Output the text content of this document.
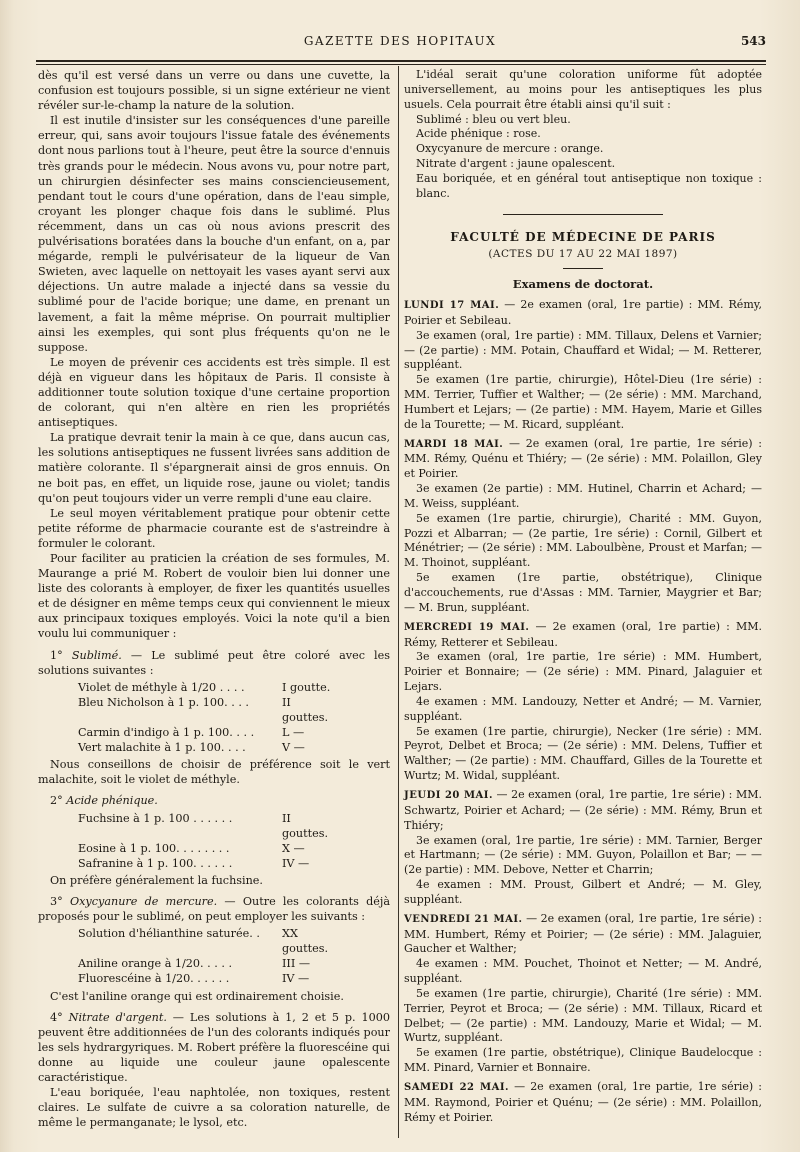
GAZETTE DES HOPITAUX	543

dès qu'il est versé dans un verre ou dans une cuvette, la confusion est toujours possible, si un signe extérieur ne vient révéler sur-le-champ la nature de la solution.

Il est inutile d'insister sur les conséquences d'une pareille erreur, qui, sans avoir toujours l'issue fatale des événements dont nous parlions tout à l'heure, peut être la source d'ennuis très grands pour le médecin. Nous avons vu, pour notre part, un chirurgien désinfecter ses mains consciencieusement, pendant tout le cours d'une opération, dans de l'eau simple, croyant les plonger chaque fois dans le sublimé. Plus récemment, dans un cas où nous avions prescrit des pulvérisations boratées dans la bouche d'un enfant, on a, par mégarde, rempli le pulvérisateur de la liqueur de Van Swieten, avec laquelle on nettoyait les vases ayant servi aux déjections. Un autre malade a injecté dans sa vessie du sublimé pour de l'acide borique; une dame, en prenant un lavement, a fait la même méprise. On pourrait multiplier ainsi les exemples, qui sont plus fréquents qu'on ne le suppose.

Le moyen de prévenir ces accidents est très simple. Il est déjà en vigueur dans les hôpitaux de Paris. Il consiste à additionner toute solution toxique d'une certaine proportion de colorant, qui n'en altère en rien les propriétés antiseptiques.

La pratique devrait tenir la main à ce que, dans aucun cas, les solutions antiseptiques ne fussent livrées sans addition de matière colorante. Il s'épargnerait ainsi de gros ennuis. On ne boit pas, en effet, un liquide rose, jaune ou violet; tandis qu'on peut toujours vider un verre rempli d'une eau claire.

Le seul moyen véritablement pratique pour obtenir cette petite réforme de pharmacie courante est de s'astreindre à formuler le colorant.

Pour faciliter au praticien la création de ses formules, M. Maurange a prié M. Robert de vouloir bien lui donner une liste des colorants à employer, de fixer les quantités usuelles et de désigner en même temps ceux qui conviennent le mieux aux principaux toxiques employés. Voici la note qu'il a bien voulu lui communiquer :

1° Sublimé. — Le sublimé peut être coloré avec les solutions suivantes :

Violet de méthyle à 1/20 . . . .	I goutte.
Bleu Nicholson à 1 p. 100. . . .	II gouttes.
Carmin d'indigo à 1 p. 100. . . . L —
Vert malachite à 1 p. 100. . . .	V —

Nous conseillons de choisir de préférence soit le vert malachite, soit le violet de méthyle.

2° Acide phénique.

Fuchsine à 1 p. 100 . . . . . .	II gouttes.
Eosine à 1 p. 100. . . . . . . .	X —
Safranine à 1 p. 100. . . . . .	IV —

On préfère généralement la fuchsine.

3° Oxycyanure de mercure. — Outre les colorants déjà proposés pour le sublimé, on peut employer les suivants :

Solution d'hélianthine saturée. . XX gouttes.
Aniline orange à 1/20. . . . .	III —
Fluorescéine à 1/20. . . . . .	IV —

C'est l'aniline orange qui est ordinairement choisie.

4° Nitrate d'argent. — Les solutions à 1, 2 et 5 p. 1000 peuvent être additionnées de l'un des colorants indiqués pour les sels hydrargyriques. M. Robert préfère la fluorescéine qui donne au liquide une couleur jaune opalescente caractéristique.

L'eau boriquée, l'eau naphtolée, non toxiques, restent claires. Le sulfate de cuivre a sa coloration naturelle, de même le permanganate; le lysol, etc.

L'idéal serait qu'une coloration uniforme fût adoptée universellement, au moins pour les antiseptiques les plus usuels. Cela pourrait être établi ainsi qu'il suit :

Sublimé : bleu ou vert bleu.
Acide phénique : rose.
Oxycyanure de mercure : orange.
Nitrate d'argent : jaune opalescent.
Eau boriquée, et en général tout antiseptique non toxique : blanc.
FACULTÉ DE MÉDECINE DE PARIS
(ACTES DU 17 AU 22 MAI 1897)
Examens de doctorat.

LUNDI 17 MAI. — 2e examen (oral, 1re partie) : MM. Rémy, Poirier et Sebileau.

3e examen (oral, 1re partie) : MM. Tillaux, Delens et Varnier; — (2e partie) : MM. Potain, Chauffard et Widal; — M. Retterer, suppléant.

5e examen (1re partie, chirurgie), Hôtel-Dieu (1re série) : MM. Terrier, Tuffier et Walther; — (2e série) : MM. Marchand, Humbert et Lejars; — (2e partie) : MM. Hayem, Marie et Gilles de la Tourette; — M. Ricard, suppléant.

MARDI 18 MAI. — 2e examen (oral, 1re partie, 1re série) : MM. Rémy, Quénu et Thiéry; — (2e série) : MM. Polaillon, Gley et Poirier.

3e examen (2e partie) : MM. Hutinel, Charrin et Achard; — M. Weiss, suppléant.

5e examen (1re partie, chirurgie), Charité : MM. Guyon, Pozzi et Albarran; — (2e partie, 1re série) : Cornil, Gilbert et Ménétrier; — (2e série) : MM. Laboulbène, Proust et Marfan; — M. Thoinot, suppléant.

5e examen (1re partie, obstétrique), Clinique d'accouchements, rue d'Assas : MM. Tarnier, Maygrier et Bar; — M. Brun, suppléant.

MERCREDI 19 MAI. — 2e examen (oral, 1re partie) : MM. Rémy, Retterer et Sebileau.

3e examen (oral, 1re partie, 1re série) : MM. Humbert, Poirier et Bonnaire; — (2e série) : MM. Pinard, Jalaguier et Lejars.

4e examen : MM. Landouzy, Netter et André; — M. Varnier, suppléant.

5e examen (1re partie, chirurgie), Necker (1re série) : MM. Peyrot, Delbet et Broca; — (2e série) : MM. Delens, Tuffier et Walther; — (2e partie) : MM. Chauffard, Gilles de la Tourette et Wurtz; M. Widal, suppléant.

JEUDI 20 MAI. — 2e examen (oral, 1re partie, 1re série) : MM. Schwartz, Poirier et Achard; — (2e série) : MM. Rémy, Brun et Thiéry;

3e examen (oral, 1re partie, 1re série) : MM. Tarnier, Berger et Hartmann; — (2e série) : MM. Guyon, Polaillon et Bar; — — (2e partie) : MM. Debove, Netter et Charrin;

4e examen : MM. Proust, Gilbert et André; — M. Gley, suppléant.

VENDREDI 21 MAI. — 2e examen (oral, 1re partie, 1re série) : MM. Humbert, Rémy et Poirier; — (2e série) : MM. Jalaguier, Gaucher et Walther;

4e examen : MM. Pouchet, Thoinot et Netter; — M. André, suppléant.

5e examen (1re partie, chirurgie), Charité (1re série) : MM. Terrier, Peyrot et Broca; — (2e série) : MM. Tillaux, Ricard et Delbet; — (2e partie) : MM. Landouzy, Marie et Widal; — M. Wurtz, suppléant.

5e examen (1re partie, obstétrique), Clinique Baudelocque : MM. Pinard, Varnier et Bonnaire.

SAMEDI 22 MAI. — 2e examen (oral, 1re partie, 1re série) : MM. Raymond, Poirier et Quénu; — (2e série) : MM. Polaillon, Rémy et Poirier.
